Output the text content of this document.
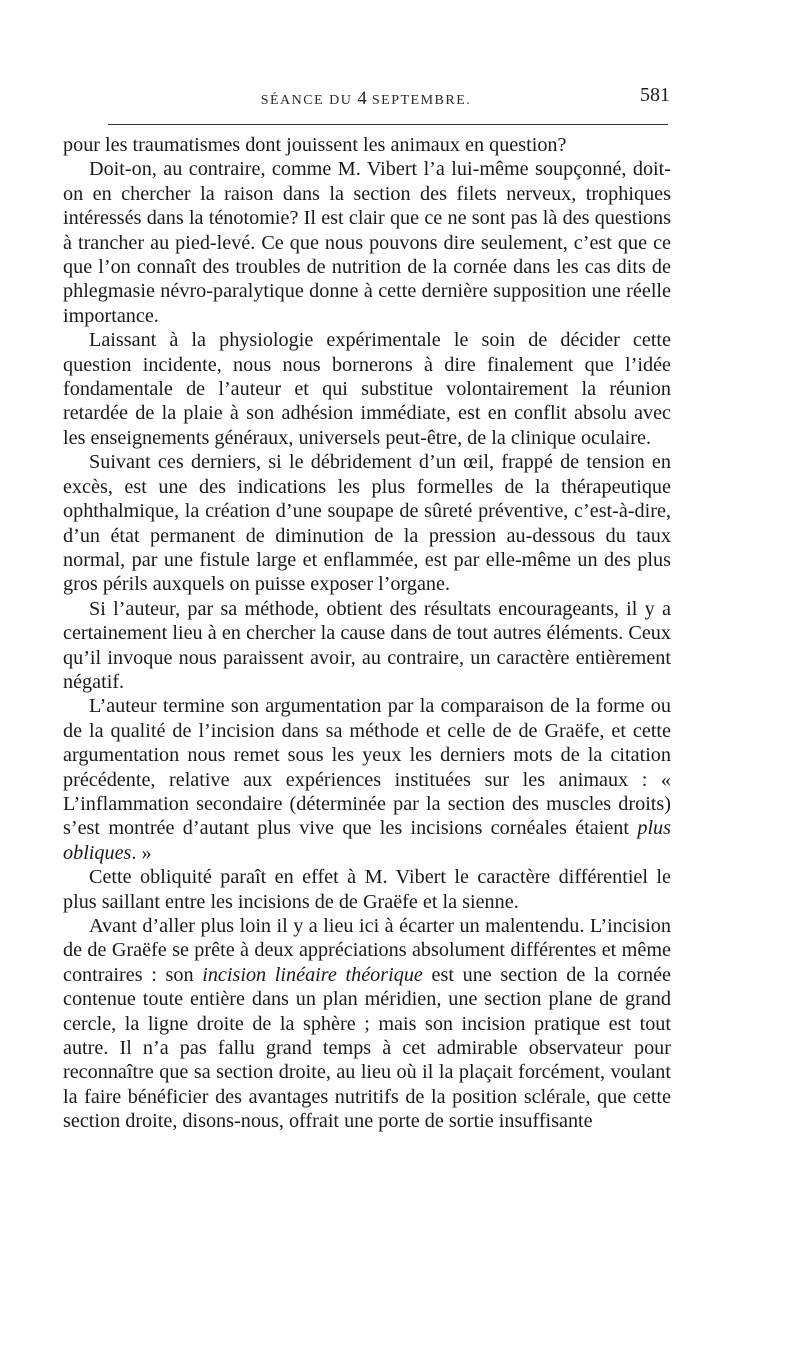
SÉANCE DU 4 SEPTEMBRE.	581

pour les traumatismes dont jouissent les animaux en question?

Doit-on, au contraire, comme M. Vibert l’a lui-même soupçonné, doit-on en chercher la raison dans la section des filets nerveux, trophiques intéressés dans la ténotomie? Il est clair que ce ne sont pas là des questions à trancher au pied-levé. Ce que nous pouvons dire seulement, c’est que ce que l’on connaît des troubles de nutrition de la cornée dans les cas dits de phlegmasie névro-paralytique donne à cette dernière supposition une réelle importance.

Laissant à la physiologie expérimentale le soin de décider cette question incidente, nous nous bornerons à dire finalement que l’idée fondamentale de l’auteur et qui substitue volontairement la réunion retardée de la plaie à son adhésion immédiate, est en conflit absolu avec les enseignements généraux, universels peut-être, de la clinique oculaire.

Suivant ces derniers, si le débridement d’un œil, frappé de tension en excès, est une des indications les plus formelles de la thérapeutique ophthalmique, la création d’une soupape de sûreté préventive, c’est-à-dire, d’un état permanent de diminution de la pression au-dessous du taux normal, par une fistule large et enflammée, est par elle-même un des plus gros périls auxquels on puisse exposer l’organe.

Si l’auteur, par sa méthode, obtient des résultats encourageants, il y a certainement lieu à en chercher la cause dans de tout autres éléments. Ceux qu’il invoque nous paraissent avoir, au contraire, un caractère entièrement négatif.

L’auteur termine son argumentation par la comparaison de la forme ou de la qualité de l’incision dans sa méthode et celle de de Graëfe, et cette argumentation nous remet sous les yeux les derniers mots de la citation précédente, relative aux expériences instituées sur les animaux : « L’inflammation secondaire (déterminée par la section des muscles droits) s’est montrée d’autant plus vive que les incisions cornéales étaient plus obliques. »

Cette obliquité paraît en effet à M. Vibert le caractère différentiel le plus saillant entre les incisions de de Graëfe et la sienne.

Avant d’aller plus loin il y a lieu ici à écarter un malentendu. L’incision de de Graëfe se prête à deux appréciations absolument différentes et même contraires : son incision linéaire théorique est une section de la cornée contenue toute entière dans un plan méridien, une section plane de grand cercle, la ligne droite de la sphère ; mais son incision pratique est tout autre. Il n’a pas fallu grand temps à cet admirable observateur pour reconnaître que sa section droite, au lieu où il la plaçait forcément, voulant la faire bénéficier des avantages nutritifs de la position sclérale, que cette section droite, disons-nous, offrait une porte de sortie insuffisante
